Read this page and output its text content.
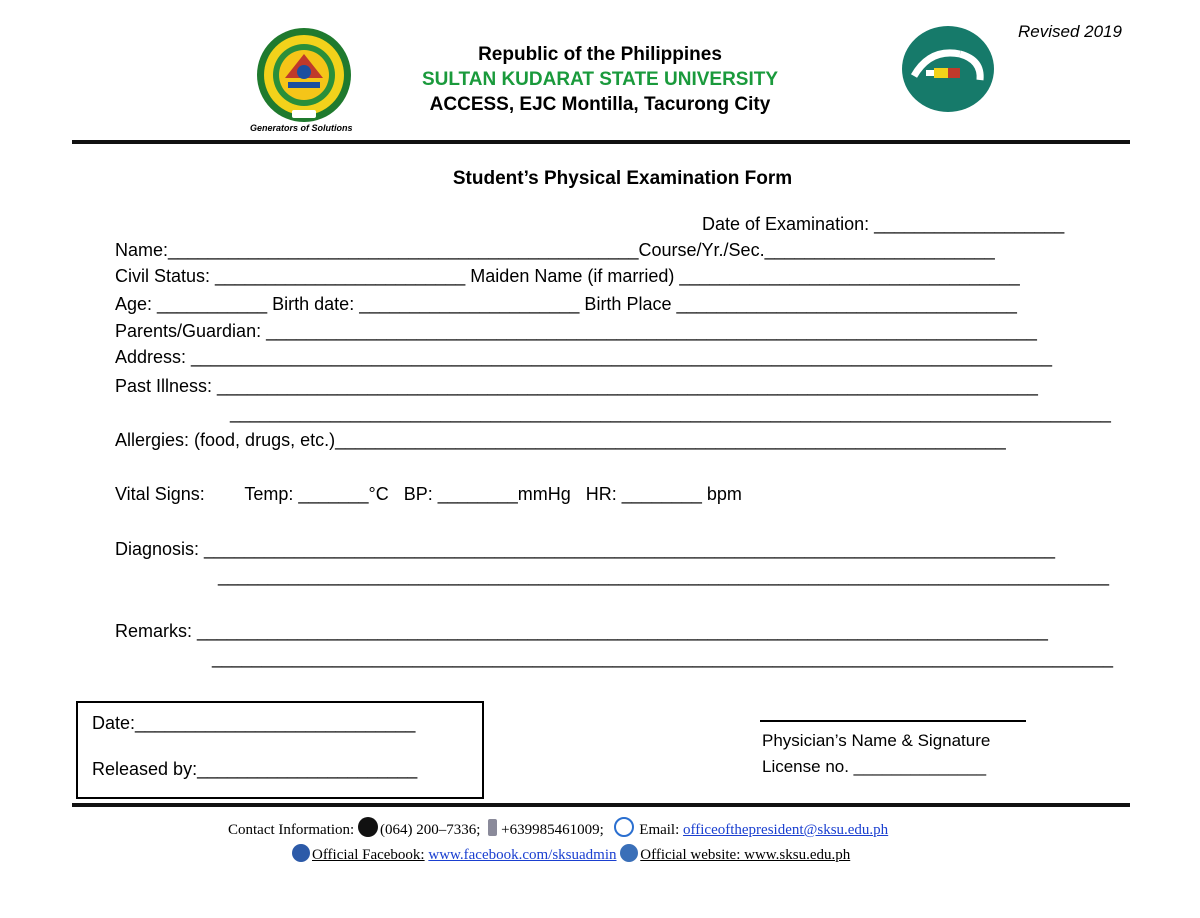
Revised 2019
Generators of Solutions
Republic of the Philippines
SULTAN KUDARAT STATE UNIVERSITY
ACCESS, EJC Montilla, Tacurong City
Student’s Physical Examination Form
Date of Examination: ___________________
Name:_______________________________________________Course/Yr./Sec._______________________
Civil Status: _________________________ Maiden Name (if married) __________________________________
Age: ___________ Birth date: ______________________ Birth Place __________________________________
Parents/Guardian: _____________________________________________________________________________
Address: ______________________________________________________________________________________
Past Illness: __________________________________________________________________________________
________________________________________________________________________________________
Allergies: (food, drugs, etc.)___________________________________________________________________
Vital Signs:        Temp: _______°C   BP: ________mmHg   HR: ________ bpm
Diagnosis: _____________________________________________________________________________________
_________________________________________________________________________________________
Remarks: _____________________________________________________________________________________
__________________________________________________________________________________________
Date:____________________________
Released by:______________________
Physician’s Name & Signature
License no. ______________
Contact Information: (064) 200–7336; +639985461009; Email: officeofthepresident@sksu.edu.ph
Official Facebook: www.facebook.com/sksuadmin Official website: www.sksu.edu.ph
